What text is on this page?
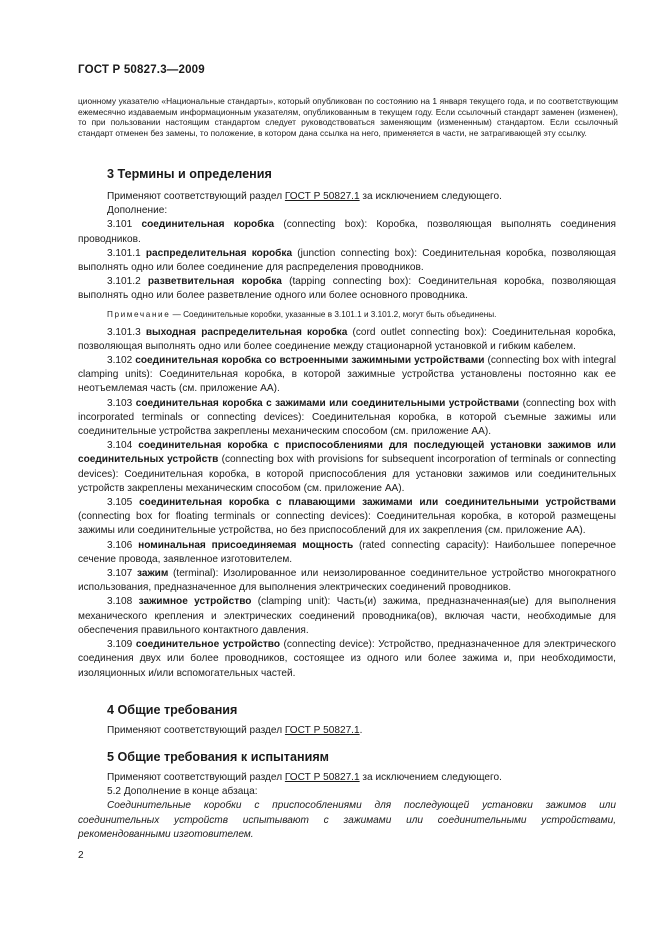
ГОСТ Р 50827.3—2009

ционному указателю «Национальные стандарты», который опубликован по состоянию на 1 января текущего года, и по соответствующим ежемесячно издаваемым информационным указателям, опубликованным в текущем году. Если ссылочный стандарт заменен (изменен), то при пользовании настоящим стандартом следует руководствоваться заменяющим (измененным) стандартом. Если ссылочный стандарт отменен без замены, то положение, в котором дана ссылка на него, применяется в части, не затрагивающей эту ссылку.

3 Термины и определения

Применяют соответствующий раздел ГОСТ Р 50827.1 за исключением следующего.

Дополнение:

3.101 соединительная коробка (connecting box): Коробка, позволяющая выполнять соединения проводников.

3.101.1 распределительная коробка (junction connecting box): Соединительная коробка, позволяющая выполнять одно или более соединение для распределения проводников.

3.101.2 разветвительная коробка (tapping connecting box): Соединительная коробка, позволяющая выполнять одно или более разветвление одного или более основного проводника.

Примечание — Соединительные коробки, указанные в 3.101.1 и 3.101.2, могут быть объединены.

3.101.3 выходная распределительная коробка (cord outlet connecting box): Соединительная коробка, позволяющая выполнять одно или более соединение между стационарной установкой и гибким кабелем.

3.102 соединительная коробка со встроенными зажимными устройствами (connecting box with integral clamping units): Соединительная коробка, в которой зажимные устройства установлены постоянно как ее неотъемлемая часть (см. приложение АА).

3.103 соединительная коробка с зажимами или соединительными устройствами (connecting box with incorporated terminals or connecting devices): Соединительная коробка, в которой съемные зажимы или соединительные устройства закреплены механическим способом (см. приложение АА).

3.104 соединительная коробка с приспособлениями для последующей установки зажимов или соединительных устройств (connecting box with provisions for subsequent incorporation of terminals or connecting devices): Соединительная коробка, в которой приспособления для установки зажимов или соединительных устройств закреплены механическим способом (см. приложение АА).

3.105 соединительная коробка с плавающими зажимами или соединительными устройствами (connecting box for floating terminals or connecting devices): Соединительная коробка, в которой размещены зажимы или соединительные устройства, но без приспособлений для их закрепления (см. приложение АА).

3.106 номинальная присоединяемая мощность (rated connecting capacity): Наибольшее поперечное сечение провода, заявленное изготовителем.

3.107 зажим (terminal): Изолированное или неизолированное соединительное устройство многократного использования, предназначенное для выполнения электрических соединений проводников.

3.108 зажимное устройство (clamping unit): Часть(и) зажима, предназначенная(ые) для выполнения механического крепления и электрических соединений проводника(ов), включая части, необходимые для обеспечения правильного контактного давления.

3.109 соединительное устройство (connecting device): Устройство, предназначенное для электрического соединения двух или более проводников, состоящее из одного или более зажима и, при необходимости, изоляционных и/или вспомогательных частей.

4 Общие требования

Применяют соответствующий раздел ГОСТ Р 50827.1.

5 Общие требования к испытаниям

Применяют соответствующий раздел ГОСТ Р 50827.1 за исключением следующего.

5.2 Дополнение в конце абзаца:

Соединительные коробки с приспособлениями для последующей установки зажимов или соединительных устройств испытывают с зажимами или соединительными устройствами, рекомендованными изготовителем.

2
